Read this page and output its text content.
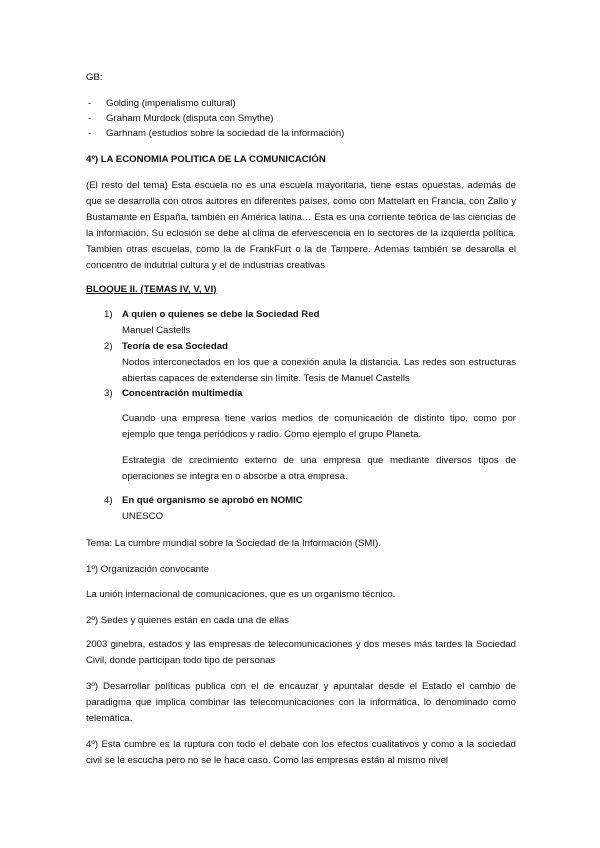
GB:

- Golding (imperialismo cultural)
- Graham Murdock (disputa con Smythe)
- Garhnam (estudios sobre la sociedad de la información)

4º) LA ECONOMIA POLITICA DE LA COMUNICACIÓN

(El resto del tema) Esta escuela no es una escuela mayoritaria, tiene estas opuestas, además de que se desarrolla con otros autores en diferentes países, como con Mattelart en Francia, con Zallo y Bustamante en España, también en América latina… Esta es una corriente teórica de las ciencias de la información. Su eclosión se debe al clima de efervescencia en lo sectores de la izquierda política. Tambien otras escuelas, como la de FrankFurt o la de Tampere. Ademas también se desarolla el concentro de indutrial cultura y el de industrias creativas

BLOQUE II. (TEMAS IV, V, VI)

1) A quien o quienes se debe la Sociedad Red

Manuel Castells

2) Teoría de esa Sociedad

Nodos interconectados en los que a conexión anula la distancia. Las redes son estructuras abiertas capaces de extenderse sin límite. Tesis de Manuel Castells

3) Concentración multimedia

Cuando una empresa tiene varios medios de comunicación de distinto tipo, como por ejemplo que tenga periódicos y radio. Como ejemplo el grupo Planeta.

Estrategia de crecimiento externo de una empresa que mediante diversos tipos de operaciones se integra en o absorbe a otra empresa.

4) En qué organismo se aprobó en NOMIC

UNESCO

Tema: La cumbre mundial sobre la Sociedad de la Información (SMI).

1º) Organización convocante

La unión internacional de comunicaciones, que es un organismo técnico.

2º) Sedes y quienes están en cada una de ellas

2003 ginebra, estados y las empresas de telecomunicaciones y dos meses más tardes la Sociedad Civil, donde participan todo tipo de personas

3º) Desarrollar políticas publica con el de encauzar y apuntalar desde el Estado el cambio de paradigma que implica combinar las telecomunicaciones con la informática, lo denominado como telemática.

4º) Esta cumbre es la ruptura con todo el debate con los efectos cualitativos y como a la sociedad civil se le escucha pero no se le hace caso. Como las empresas están al mismo nivel
